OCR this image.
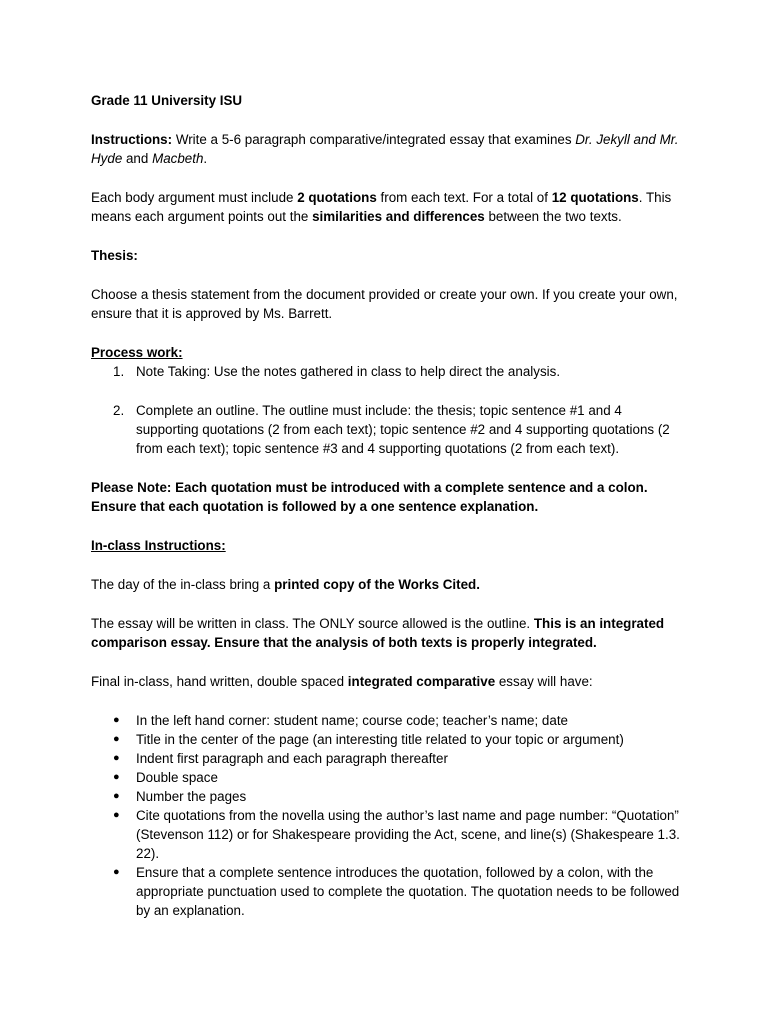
Grade 11 University ISU

Instructions: Write a 5-6 paragraph comparative/integrated essay that examines Dr. Jekyll and Mr. Hyde and Macbeth.

Each body argument must include 2 quotations from each text. For a total of 12 quotations. This means each argument points out the similarities and differences between the two texts.

Thesis:

Choose a thesis statement from the document provided or create your own. If you create your own, ensure that it is approved by Ms. Barrett.

Process work:

1. Note Taking: Use the notes gathered in class to help direct the analysis.
2. Complete an outline. The outline must include: the thesis; topic sentence #1 and 4 supporting quotations (2 from each text); topic sentence #2 and 4 supporting quotations (2 from each text); topic sentence #3 and 4 supporting quotations (2 from each text).

Please Note: Each quotation must be introduced with a complete sentence and a colon. Ensure that each quotation is followed by a one sentence explanation.

In-class Instructions:

The day of the in-class bring a printed copy of the Works Cited.

The essay will be written in class. The ONLY source allowed is the outline. This is an integrated comparison essay. Ensure that the analysis of both texts is properly integrated.

Final in-class, hand written, double spaced integrated comparative essay will have:

● In the left hand corner: student name; course code; teacher’s name; date
● Title in the center of the page (an interesting title related to your topic or argument)
● Indent first paragraph and each paragraph thereafter
● Double space
● Number the pages
● Cite quotations from the novella using the author’s last name and page number: “Quotation” (Stevenson 112) or for Shakespeare providing the Act, scene, and line(s) (Shakespeare 1.3. 22).
● Ensure that a complete sentence introduces the quotation, followed by a colon, with the appropriate punctuation used to complete the quotation. The quotation needs to be followed by an explanation.
